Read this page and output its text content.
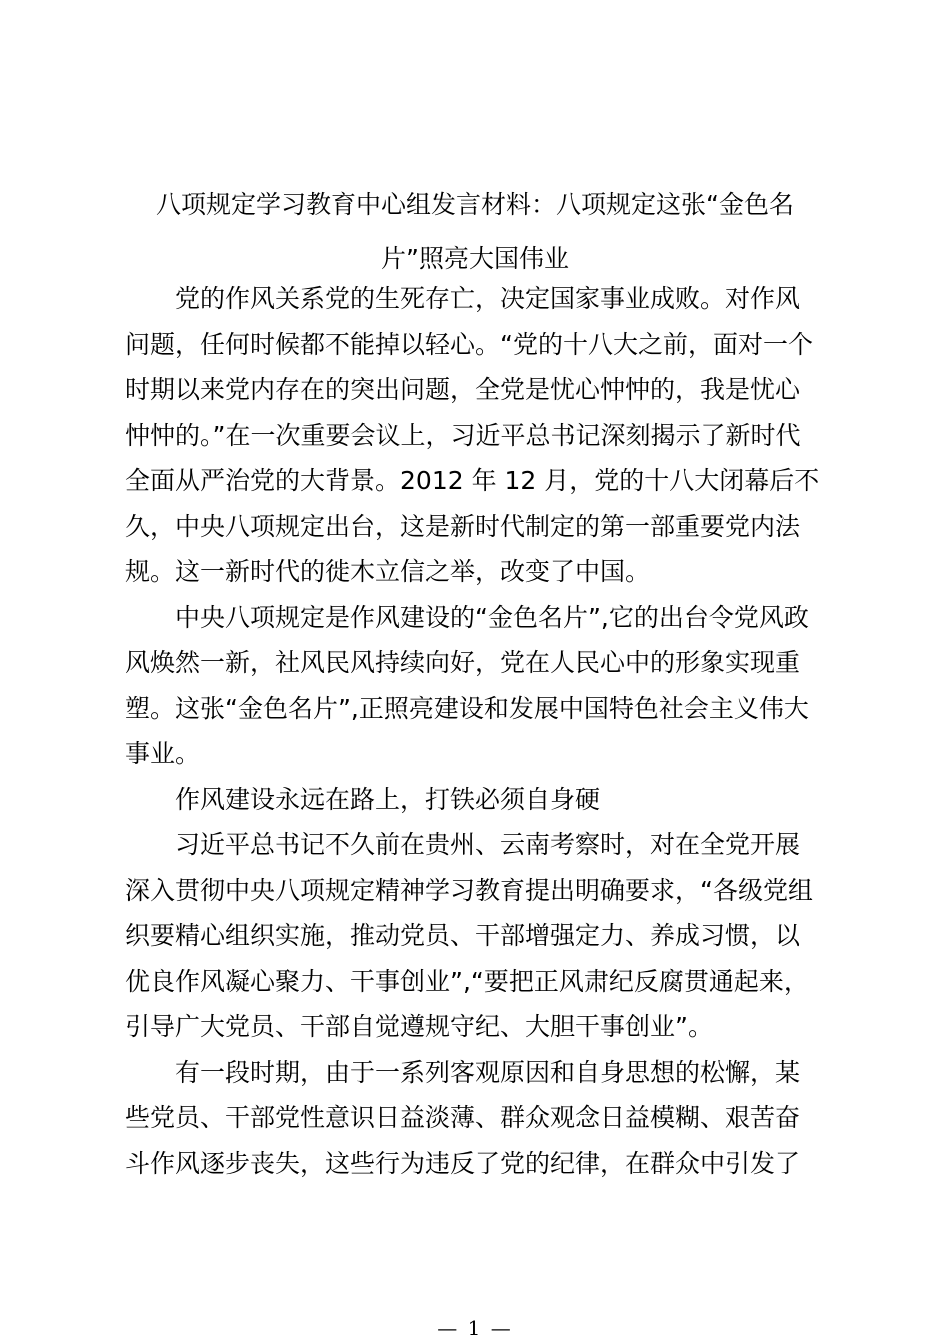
八项规定学习教育中心组发言材料：八项规定这张“金色名
片”照亮大国伟业
党的作风关系党的生死存亡，决定国家事业成败。对作风
问题，任何时候都不能掉以轻心。“党的十八大之前，面对一个
时期以来党内存在的突出问题，全党是忧心忡忡的，我是忧心
忡忡的。”在一次重要会议上，习近平总书记深刻揭示了新时代
全面从严治党的大背景。2012 年 12 月，党的十八大闭幕后不
久，中央八项规定出台，这是新时代制定的第一部重要党内法
规。这一新时代的徙木立信之举，改变了中国。
中央八项规定是作风建设的“金色名片”,它的出台令党风政
风焕然一新，社风民风持续向好，党在人民心中的形象实现重
塑。这张“金色名片”,正照亮建设和发展中国特色社会主义伟大
事业。
作风建设永远在路上，打铁必须自身硬
习近平总书记不久前在贵州、云南考察时，对在全党开展
深入贯彻中央八项规定精神学习教育提出明确要求，“各级党组
织要精心组织实施，推动党员、干部增强定力、养成习惯，以
优良作风凝心聚力、干事创业”,“要把正风肃纪反腐贯通起来，
引导广大党员、干部自觉遵规守纪、大胆干事创业”。
有一段时期，由于一系列客观原因和自身思想的松懈，某
些党员、干部党性意识日益淡薄、群众观念日益模糊、艰苦奋
斗作风逐步丧失，这些行为违反了党的纪律，在群众中引发了
— 1 —
